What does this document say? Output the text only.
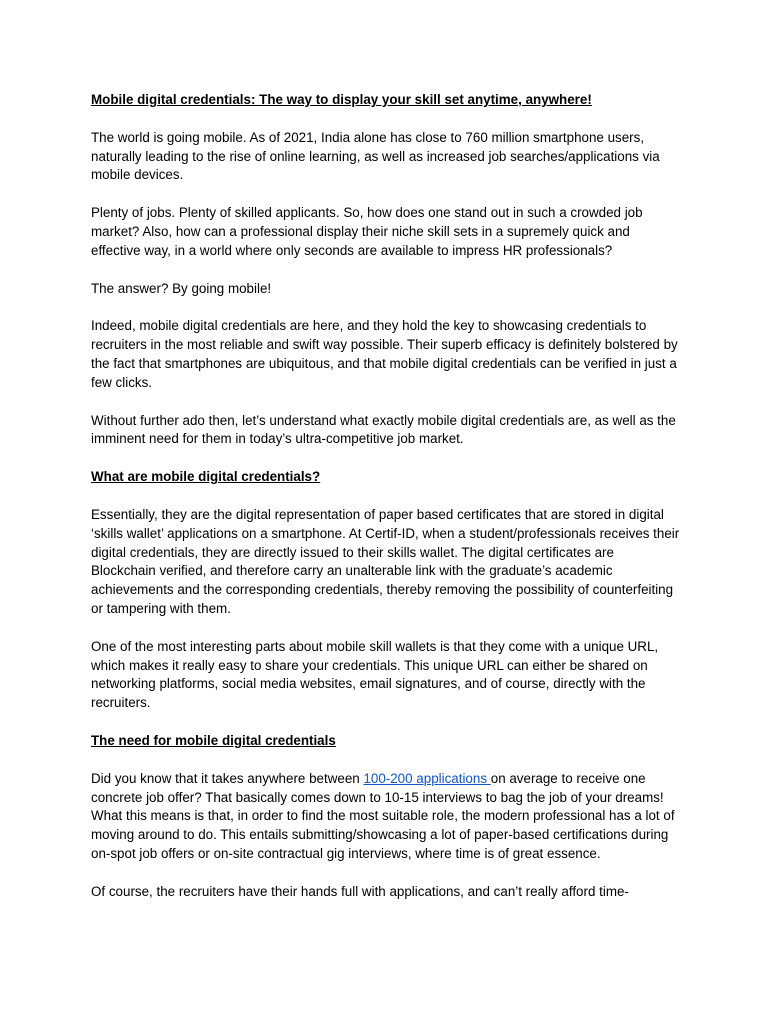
Mobile digital credentials: The way to display your skill set anytime, anywhere!

The world is going mobile. As of 2021, India alone has close to 760 million smartphone users, naturally leading to the rise of online learning, as well as increased job searches/applications via mobile devices.

Plenty of jobs. Plenty of skilled applicants. So, how does one stand out in such a crowded job market? Also, how can a professional display their niche skill sets in a supremely quick and effective way, in a world where only seconds are available to impress HR professionals?

The answer? By going mobile!

Indeed, mobile digital credentials are here, and they hold the key to showcasing credentials to recruiters in the most reliable and swift way possible. Their superb efficacy is definitely bolstered by the fact that smartphones are ubiquitous, and that mobile digital credentials can be verified in just a few clicks.

Without further ado then, let’s understand what exactly mobile digital credentials are, as well as the imminent need for them in today’s ultra-competitive job market.

What are mobile digital credentials?

Essentially, they are the digital representation of paper based certificates that are stored in digital ‘skills wallet’ applications on a smartphone. At Certif-ID, when a student/professionals receives their digital credentials, they are directly issued to their skills wallet. The digital certificates are Blockchain verified, and therefore carry an unalterable link with the graduate’s academic achievements and the corresponding credentials, thereby removing the possibility of counterfeiting or tampering with them.

One of the most interesting parts about mobile skill wallets is that they come with a unique URL, which makes it really easy to share your credentials. This unique URL can either be shared on networking platforms, social media websites, email signatures, and of course, directly with the recruiters.

The need for mobile digital credentials

Did you know that it takes anywhere between 100-200 applications on average to receive one concrete job offer? That basically comes down to 10-15 interviews to bag the job of your dreams! What this means is that, in order to find the most suitable role, the modern professional has a lot of moving around to do. This entails submitting/showcasing a lot of paper-based certifications during on-spot job offers or on-site contractual gig interviews, where time is of great essence.

Of course, the recruiters have their hands full with applications, and can’t really afford time-
